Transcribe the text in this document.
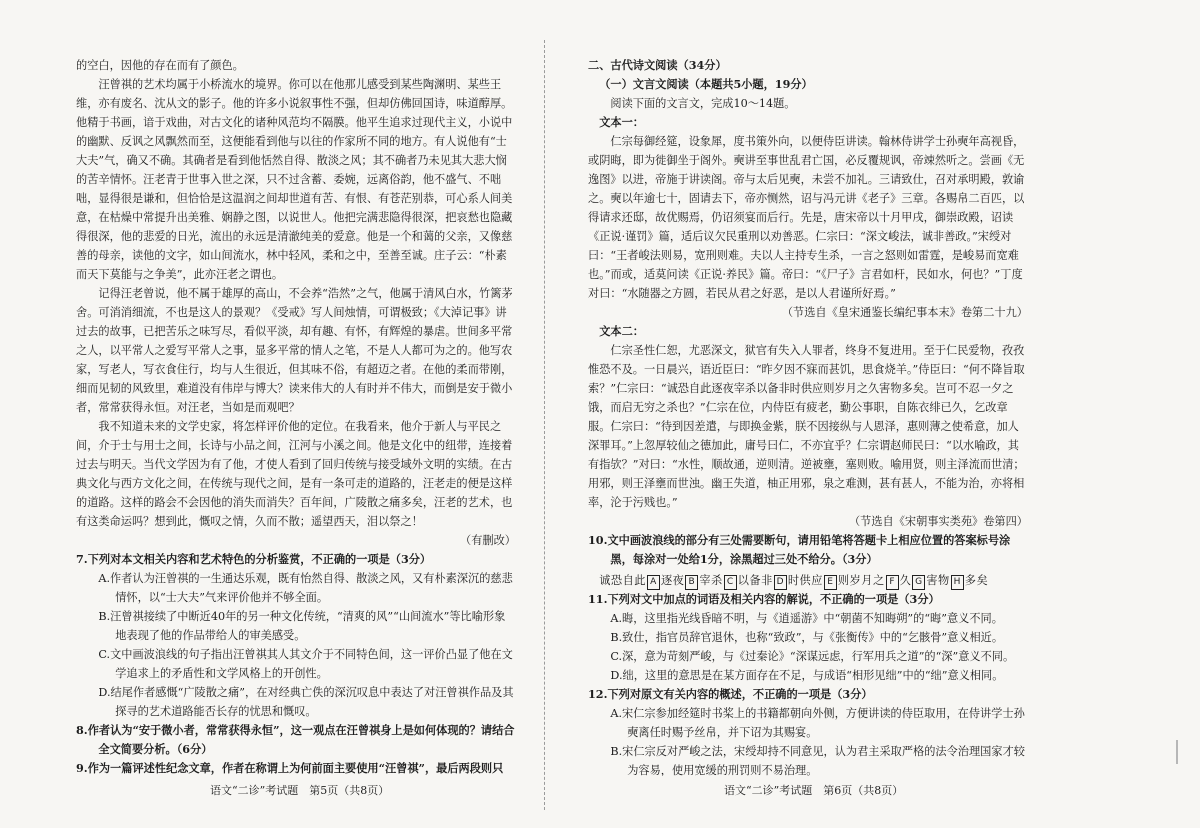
的空白，因他的存在而有了颜色。

汪曾祺的艺术均属于小桥流水的境界。你可以在他那儿感受到某些陶渊明、某些王维，亦有废名、沈从文的影子。他的许多小说叙事性不强，但却仿佛回国诗，味道醇厚。他精于书画，谙于戏曲，对古文化的诸种风范均不隔膜。他平生追求过现代主义，小说中的幽默、反讽之风飘然而至，这便能看到他与以往的作家所不同的地方。有人说他有“士大夫”气，确又不确。其确者是看到他恬然自得、散淡之风；其不确者乃未见其大悲大悯的苦辛情怀。汪老青于世事入世之深，只不过含蓄、委婉，远离俗韵，他不盛气、不咄咄，显得很是谦和，但恰恰是这温润之间却世道有苦、有恨、有苍茫别恭，可心系人间美意，在枯燥中常提升出美雅、娴静之图，以说世人。他把完满悲隐得很深，把哀愁也隐藏得很深，他的悲爱的日光，流出的永远是清澈纯美的爱意。他是一个和蔼的父亲，又像慈善的母亲，读他的文字，如山间流水，林中轻风，柔和之中，至善至诚。庄子云：“朴素而天下莫能与之争美”，此亦汪老之谓也。

记得汪老曾说，他不属于雄厚的高山，不会养“浩然”之气，他属于清风白水，竹篱茅舍。可消消细流，不也是这人的景观？《受戒》写人间烛情，可谓极致；《大淖记事》讲过去的故事，已把苦乐之味写尽，看似平淡，却有趣、有怀，有辉煌的暴虐。世间多平常之人，以平常人之爱写平常人之事，显多平常的情人之笔，不是人人都可为之的。他写农家，写老人，写衣食住行，均与人生很近，但其味不俗，有超迈之者。在他的柔而带刚，细而见韧的风致里，难道没有伟岸与博大？读来伟大的人有时并不伟大，而倒是安于微小者，常常获得永恒。对汪老，当如是而观吧？

我不知道未来的文学史家，将怎样评价他的定位。在我看来，他介于新人与平民之间，介于士与用士之间，长诗与小品之间，江河与小溪之间。他是文化中的纽带，连接着过去与明天。当代文学因为有了他，才使人看到了回归传统与接受域外文明的实绩。在古典文化与西方文化之间，在传统与现代之间，是有一条可走的道路的，汪老走的便是这样的道路。这样的路会不会因他的消失而消失？百年间，广陵散之痛多矣，汪老的艺术，也有这类命运吗？想到此，慨叹之情，久而不散；遥望西天，泪以祭之！

（有删改）

7.下列对本文相关内容和艺术特色的分析鉴赏，不正确的一项是（3分）

A.作者认为汪曾祺的一生通达乐观，既有怡然自得、散淡之风，又有朴素深沉的慈悲情怀，以“士大夫”气来评价他并不够全面。

B.汪曾祺接续了中断近40年的另一种文化传统，“清爽的风”“山间流水”等比喻形象地表现了他的作品带给人的审美感受。

C.文中画波浪线的句子指出汪曾祺其人其文介于不同特色间，这一评价凸显了他在文学追求上的矛盾性和文学风格上的开创性。

D.结尾作者感慨“广陵散之痛”，在对经典亡佚的深沉叹息中表达了对汪曾祺作品及其探寻的艺术道路能否长存的忧思和慨叹。

8.作者认为“安于微小者，常常获得永恒”，这一观点在汪曾祺身上是如何体现的？请结合全文简要分析。（6分）

9.作为一篇评述性纪念文章，作者在称谓上为何前面主要使用“汪曾祺”，最后两段则只

语文“二诊”考试题　第5页（共8页）

二、古代诗文阅读（34分）

（一）文言文阅读（本题共5小题，19分）

阅读下面的文言文，完成10～14题。

文本一：

仁宗每御经筵，设象犀，度书策外向，以便侍臣讲读。翰林侍讲学士孙奭年高视昏，或阴晦，即为徙御坐于阁外。奭讲至事世乱君亡国，必反覆规讽，帝竦然听之。尝画《无逸图》以进，帝施于讲读阁。帝与太后见奭，未尝不加礼。三请致仕，召对承明殿，敦谕之。奭以年逾七十，固请去下，帝亦恻然，诏与冯元讲《老子》三章。各赐帛二百匹，以得请求还邸，故优赐焉，仍诏须宴而后行。先是，唐宋帝以十月甲戌，御崇政殿，诏读《正说·谨罚》篇，适后议欠民重刑以劝善恶。仁宗曰：“深文峻法，诚非善政。”宋绶对曰：“王者峻法则易，宽刑则难。夫以人主持专生杀，一言之怒则如雷霆，是峻易而宽难也。”而或，适莫问读《正说·养民》篇。帝曰：“《尸子》言君如杆，民如水，何也？”丁度对曰：“水随器之方圆，若民从君之好恶，是以人君谨所好焉。”

（节选自《皇宋通鉴长编纪事本末》卷第二十九）

文本二：

仁宗圣性仁恕，尤恶深文，狱官有失入人罪者，终身不复进用。至于仁民爱物，孜孜惟恐不及。一日晨兴，语近臣曰：“昨夕因不寐而甚饥，思食烧羊。”侍臣曰：“何不降旨取索？”仁宗曰：“诚恐自此逐夜宰杀以备非时供应则岁月之久害物多矣。岂可不忍一夕之饿，而启无穷之杀也？”仁宗在位，内侍臣有疲老，勤公事职，自陈衣绯已久，乞改章服。仁宗曰：“待到因差遣，与即换金紫，朕不因接纵与人恩泽，惠则薄之使希意，加人深罪耳。”上忽厚较仙之德加此，庸号曰仁，不亦宜乎？仁宗谓赵师民曰：“以水喻政，其有指欤？”对曰：“水性，顺故通，逆则清。逆被壅，塞则败。喻用贤，则主泽流而世清；用邪，则王泽壅而世浊。幽王失道，柚正用邪，泉之难测，甚有甚人，不能为治，亦将相率，沦于污贱也。”

（节选自《宋朝事实类苑》卷第四）

10.文中画波浪线的部分有三处需要断句，请用铅笔将答题卡上相应位置的答案标号涂黑，每涂对一处给1分，涂黑超过三处不给分。（3分）

诚恐自此 A 逐夜 B 宰杀 C 以备非 D 时供应 E 则岁月之 F 久 G 害物 H 多矣

11.下列对文中加点的词语及相关内容的解说，不正确的一项是（3分）

A.晦，这里指光线昏暗不明，与《逍遥游》中“朝菌不知晦朔”的“晦”意义不同。

B.致仕，指官员辞官退休，也称“致政”，与《张衡传》中的“乞骸骨”意义相近。

C.深，意为苛刻严峻，与《过秦论》“深谋远虑，行军用兵之道”的“深”意义不同。

D.绌，这里的意思是在某方面存在不足，与成语“相形见绌”中的“绌”意义相同。

12.下列对原文有关内容的概述，不正确的一项是（3分）

A.宋仁宗参加经筵时书桨上的书籍都朝向外侧，方便讲读的侍臣取用，在侍讲学士孙奭离任时赐予丝帛，并下诏为其赐宴。

B.宋仁宗反对严峻之法，宋绶却持不同意见，认为君主采取严格的法令治理国家才较为容易，使用宽缓的刑罚则不易治理。

语文“二诊”考试题　第6页（共8页）
